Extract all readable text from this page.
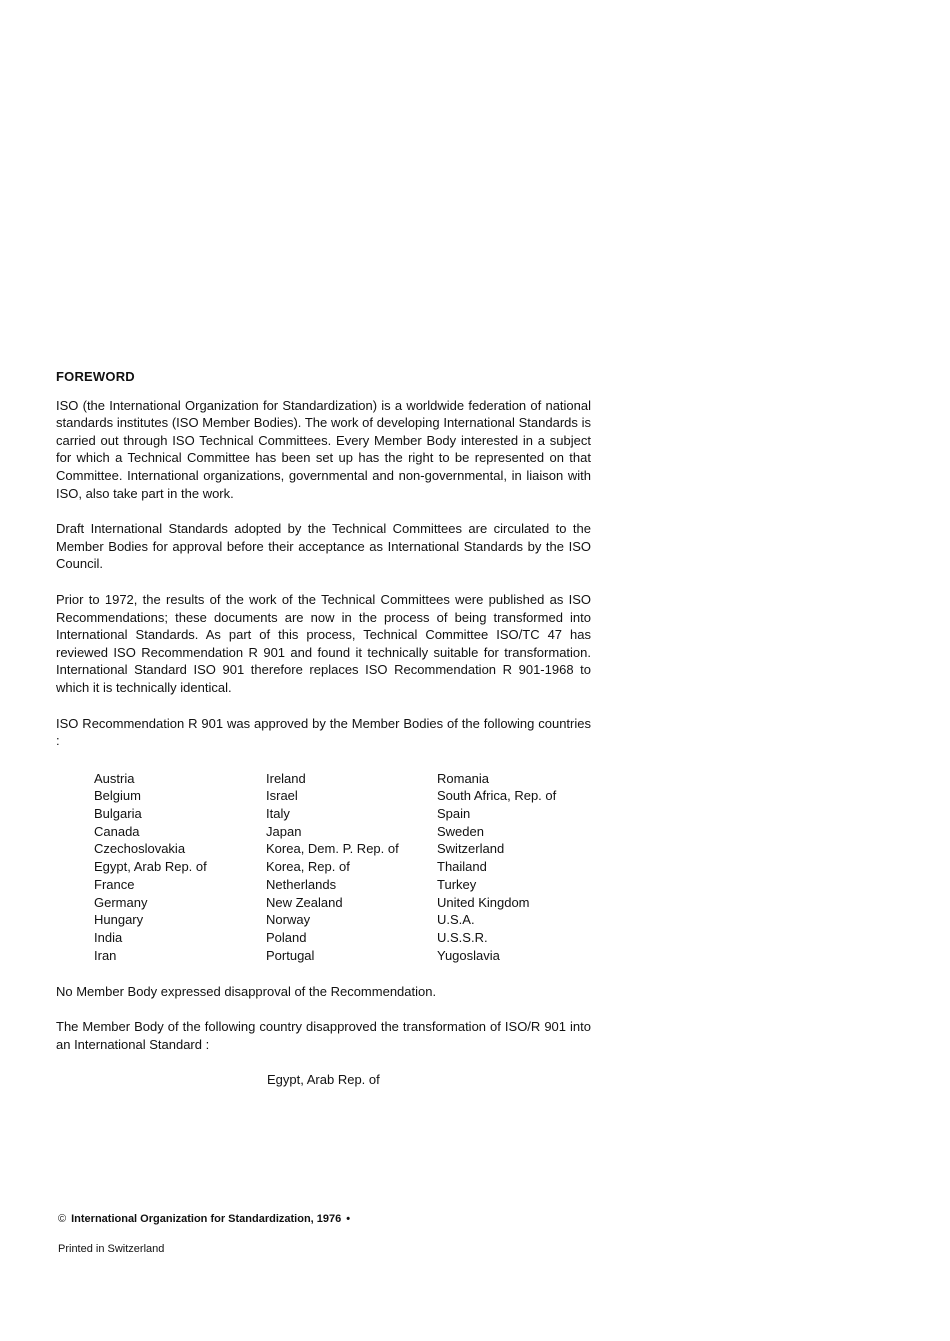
FOREWORD

ISO (the International Organization for Standardization) is a worldwide federation of national standards institutes (ISO Member Bodies). The work of developing International Standards is carried out through ISO Technical Committees. Every Member Body interested in a subject for which a Technical Committee has been set up has the right to be represented on that Committee. International organizations, governmental and non-governmental, in liaison with ISO, also take part in the work.

Draft International Standards adopted by the Technical Committees are circulated to the Member Bodies for approval before their acceptance as International Standards by the ISO Council.

Prior to 1972, the results of the work of the Technical Committees were published as ISO Recommendations; these documents are now in the process of being transformed into International Standards. As part of this process, Technical Committee ISO/TC 47 has reviewed ISO Recommendation R 901 and found it technically suitable for transformation. International Standard ISO 901 therefore replaces ISO Recommendation R 901-1968 to which it is technically identical.

ISO Recommendation R 901 was approved by the Member Bodies of the following countries :

Austria
Belgium
Bulgaria
Canada
Czechoslovakia
Egypt, Arab Rep. of
France
Germany
Hungary
India
Iran
Ireland
Israel
Italy
Japan
Korea, Dem. P. Rep. of
Korea, Rep. of
Netherlands
New Zealand
Norway
Poland
Portugal
Romania
South Africa, Rep. of
Spain
Sweden
Switzerland
Thailand
Turkey
United Kingdom
U.S.A.
U.S.S.R.
Yugoslavia

No Member Body expressed disapproval of the Recommendation.

The Member Body of the following country disapproved the transformation of ISO/R 901 into an International Standard :

Egypt, Arab Rep. of

© International Organization for Standardization, 1976 •
Printed in Switzerland
